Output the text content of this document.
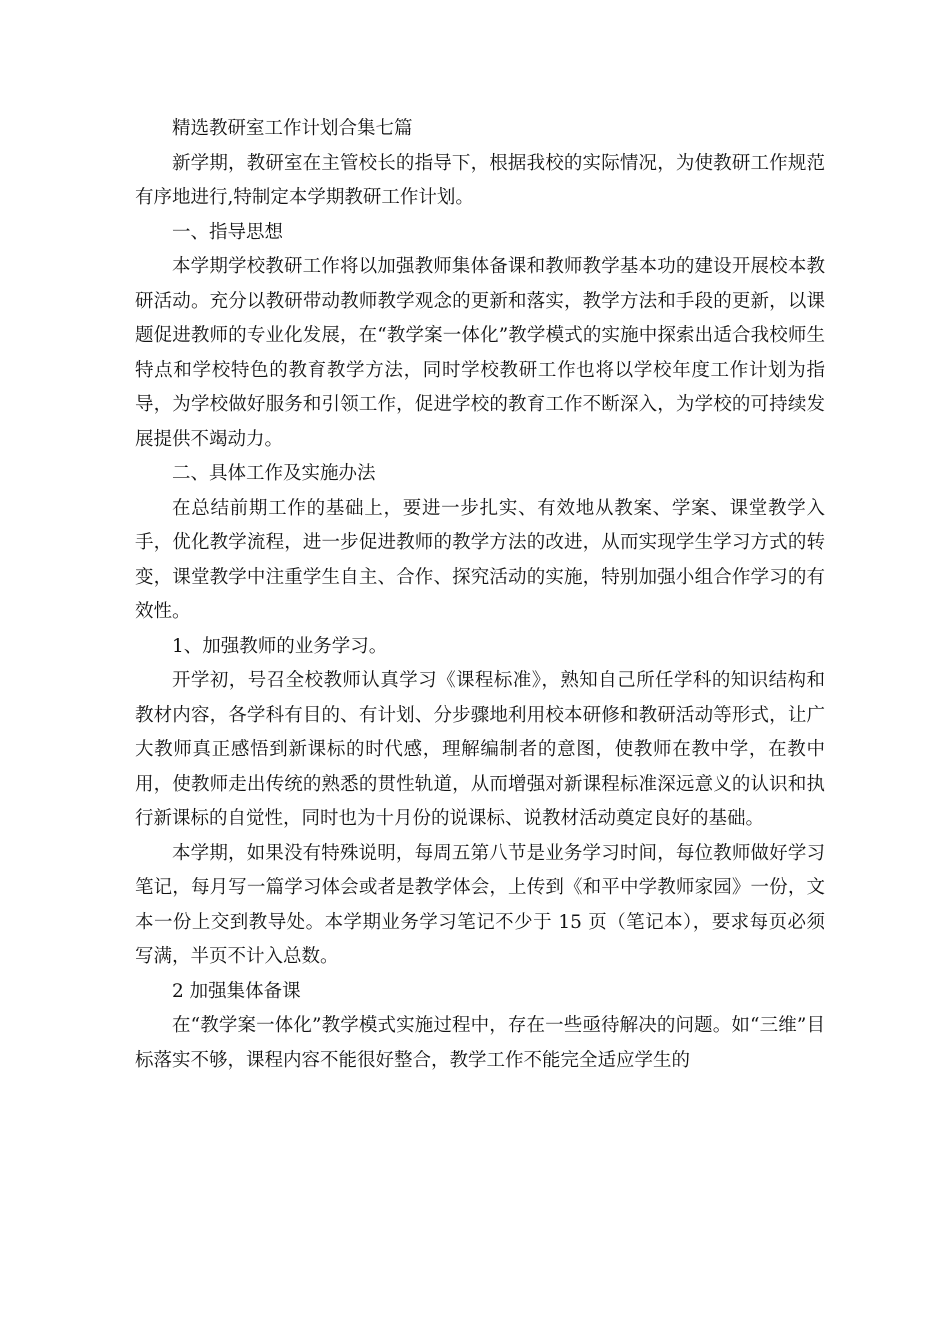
精选教研室工作计划合集七篇

新学期，教研室在主管校长的指导下，根据我校的实际情况，为使教研工作规范有序地进行,特制定本学期教研工作计划。

一、指导思想

本学期学校教研工作将以加强教师集体备课和教师教学基本功的建设开展校本教研活动。充分以教研带动教师教学观念的更新和落实，教学方法和手段的更新，以课题促进教师的专业化发展，在“教学案一体化”教学模式的实施中探索出适合我校师生特点和学校特色的教育教学方法，同时学校教研工作也将以学校年度工作计划为指导，为学校做好服务和引领工作，促进学校的教育工作不断深入，为学校的可持续发展提供不竭动力。

二、具体工作及实施办法

在总结前期工作的基础上，要进一步扎实、有效地从教案、学案、课堂教学入手，优化教学流程，进一步促进教师的教学方法的改进，从而实现学生学习方式的转变，课堂教学中注重学生自主、合作、探究活动的实施，特别加强小组合作学习的有效性。

1、加强教师的业务学习。

开学初，号召全校教师认真学习《课程标准》，熟知自己所任学科的知识结构和教材内容，各学科有目的、有计划、分步骤地利用校本研修和教研活动等形式，让广大教师真正感悟到新课标的时代感，理解编制者的意图，使教师在教中学，在教中用，使教师走出传统的熟悉的贯性轨道，从而增强对新课程标准深远意义的认识和执行新课标的自觉性，同时也为十月份的说课标、说教材活动奠定良好的基础。

本学期，如果没有特殊说明，每周五第八节是业务学习时间，每位教师做好学习笔记，每月写一篇学习体会或者是教学体会，上传到《和平中学教师家园》一份，文本一份上交到教导处。本学期业务学习笔记不少于 15 页（笔记本），要求每页必须写满，半页不计入总数。

2 加强集体备课

在“教学案一体化”教学模式实施过程中，存在一些亟待解决的问题。如“三维”目标落实不够，课程内容不能很好整合，教学工作不能完全适应学生的
